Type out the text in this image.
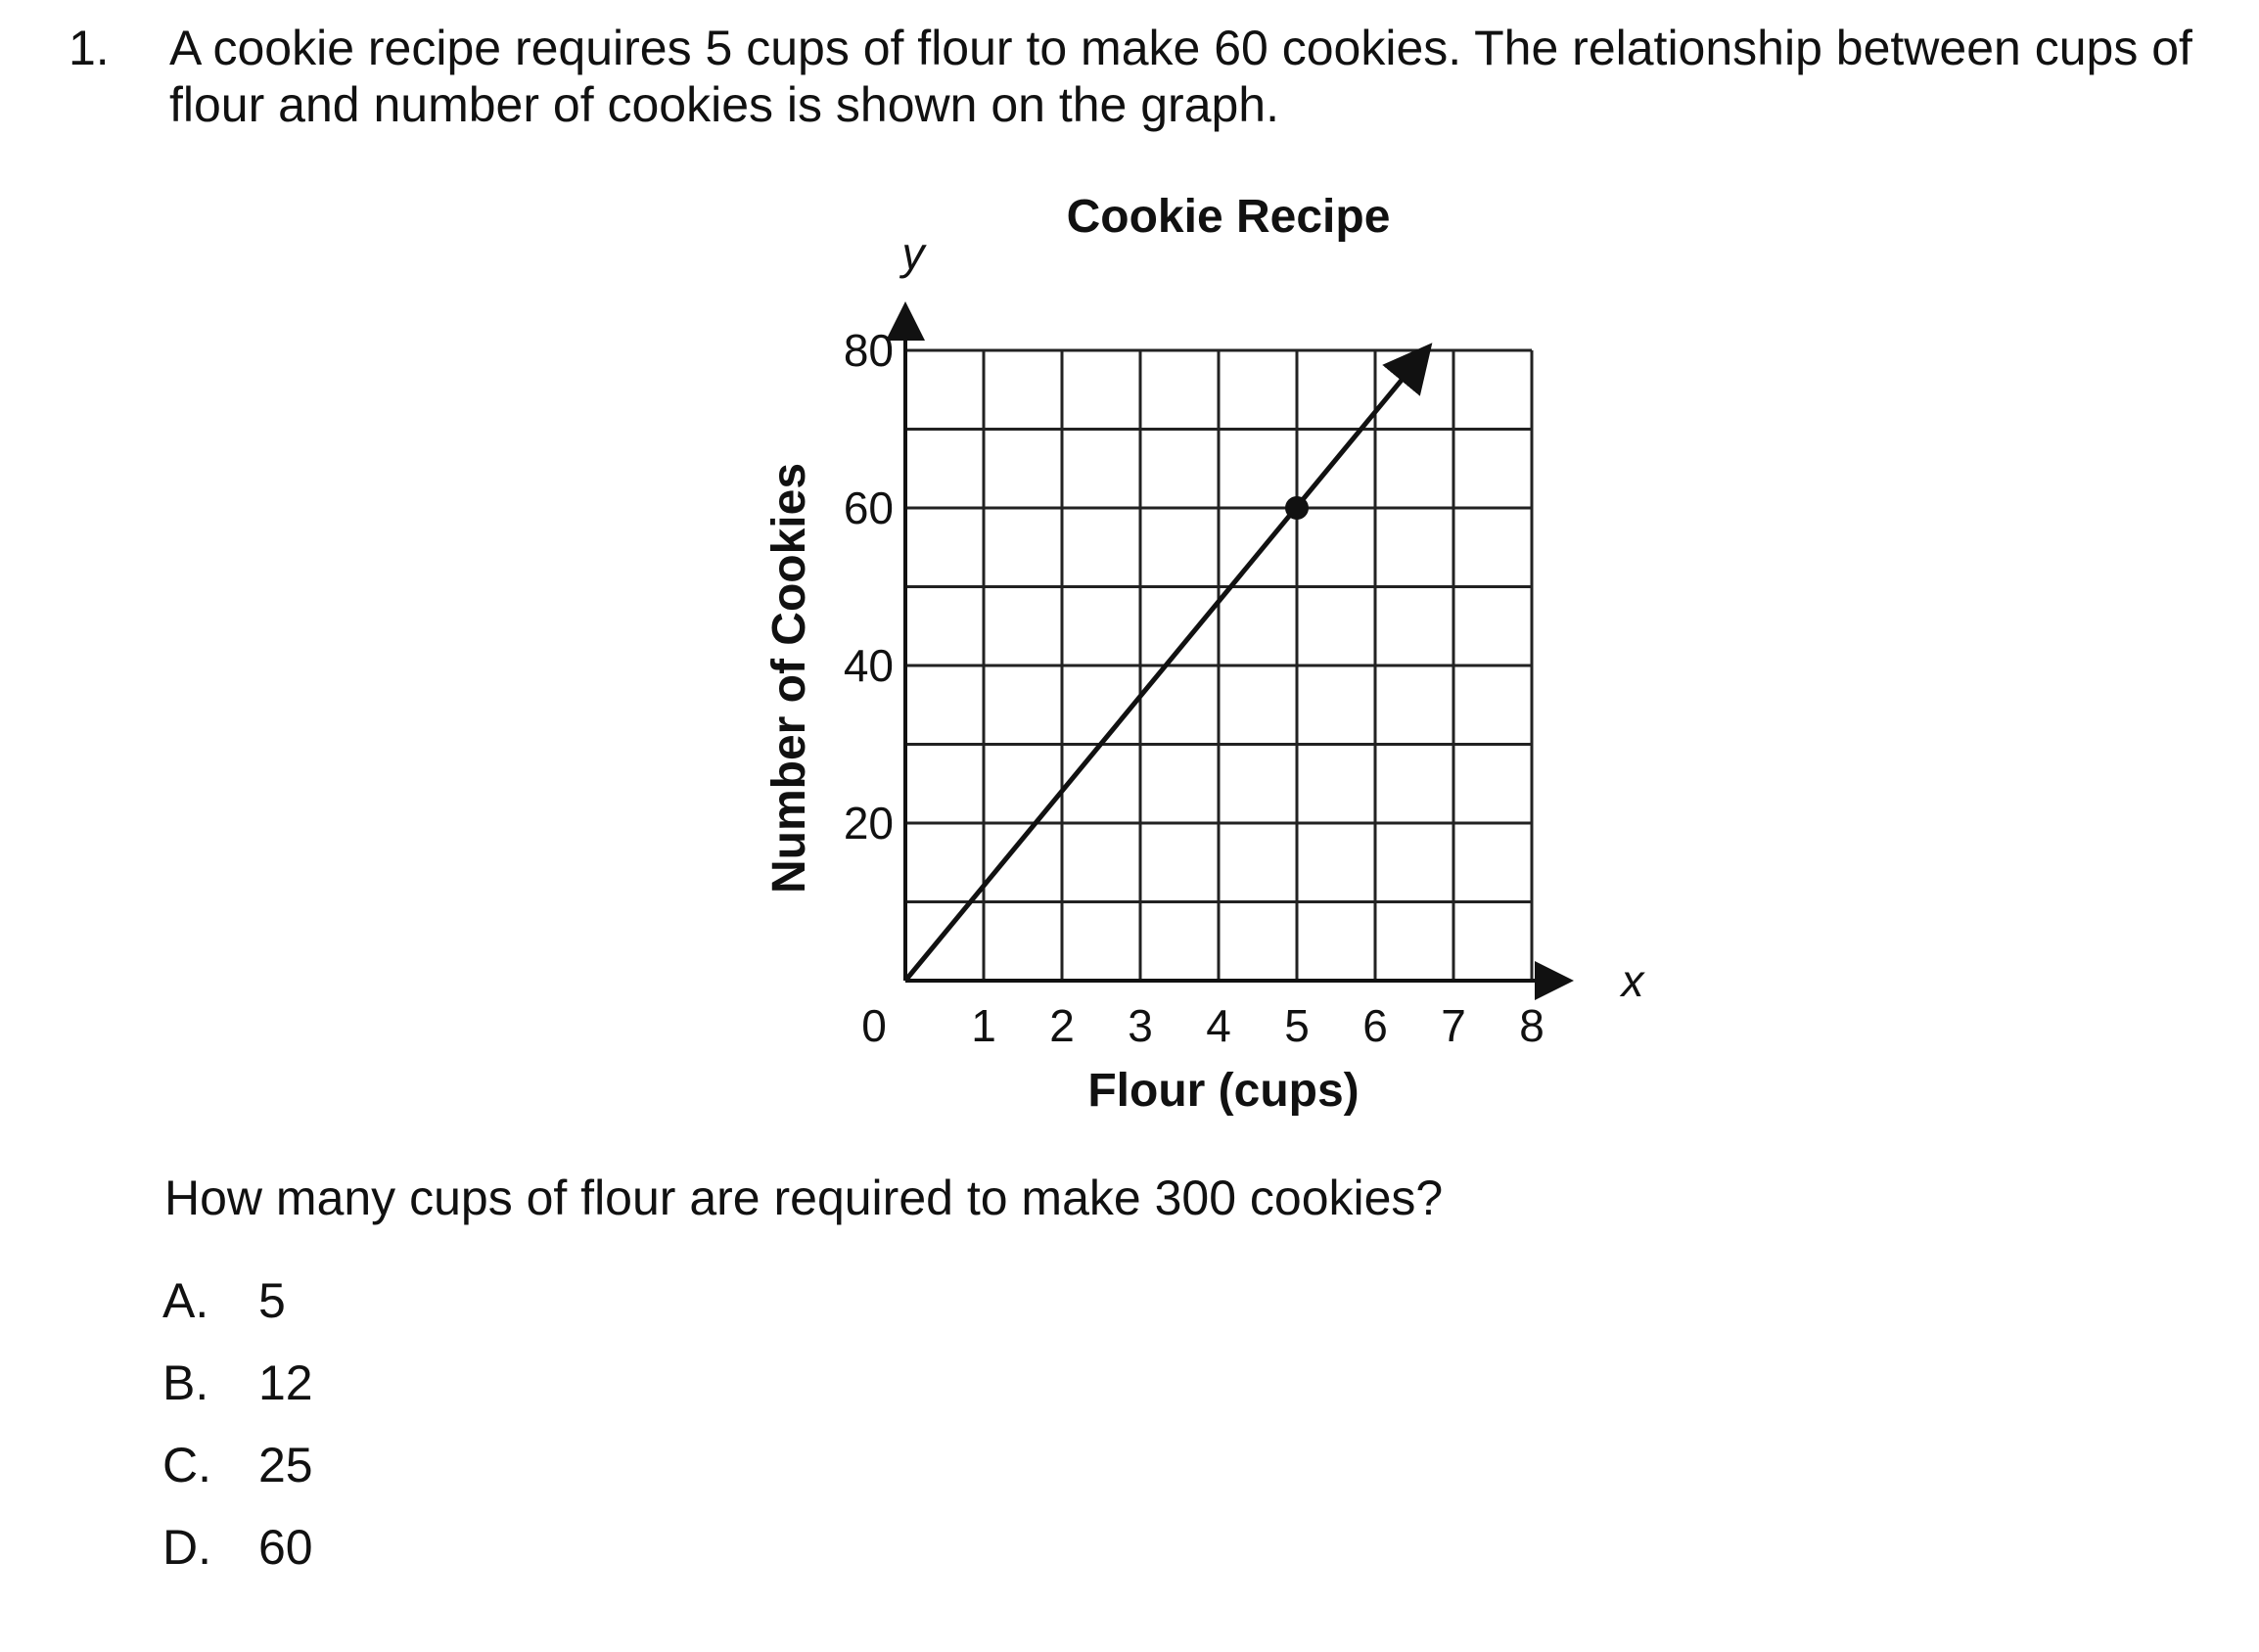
1. A cookie recipe requires 5 cups of flour to make 60 cookies. The relationship between cups of flour and number of cookies is shown on the graph.
1 2 3 4 5 6 7 8
20
40
60
80
0
x
y
Cookie Recipe
Flour (cups)
Number of Cookies
How many cups of flour are required to make 300 cookies?
A. 5
B. 12
C. 25
D. 60
